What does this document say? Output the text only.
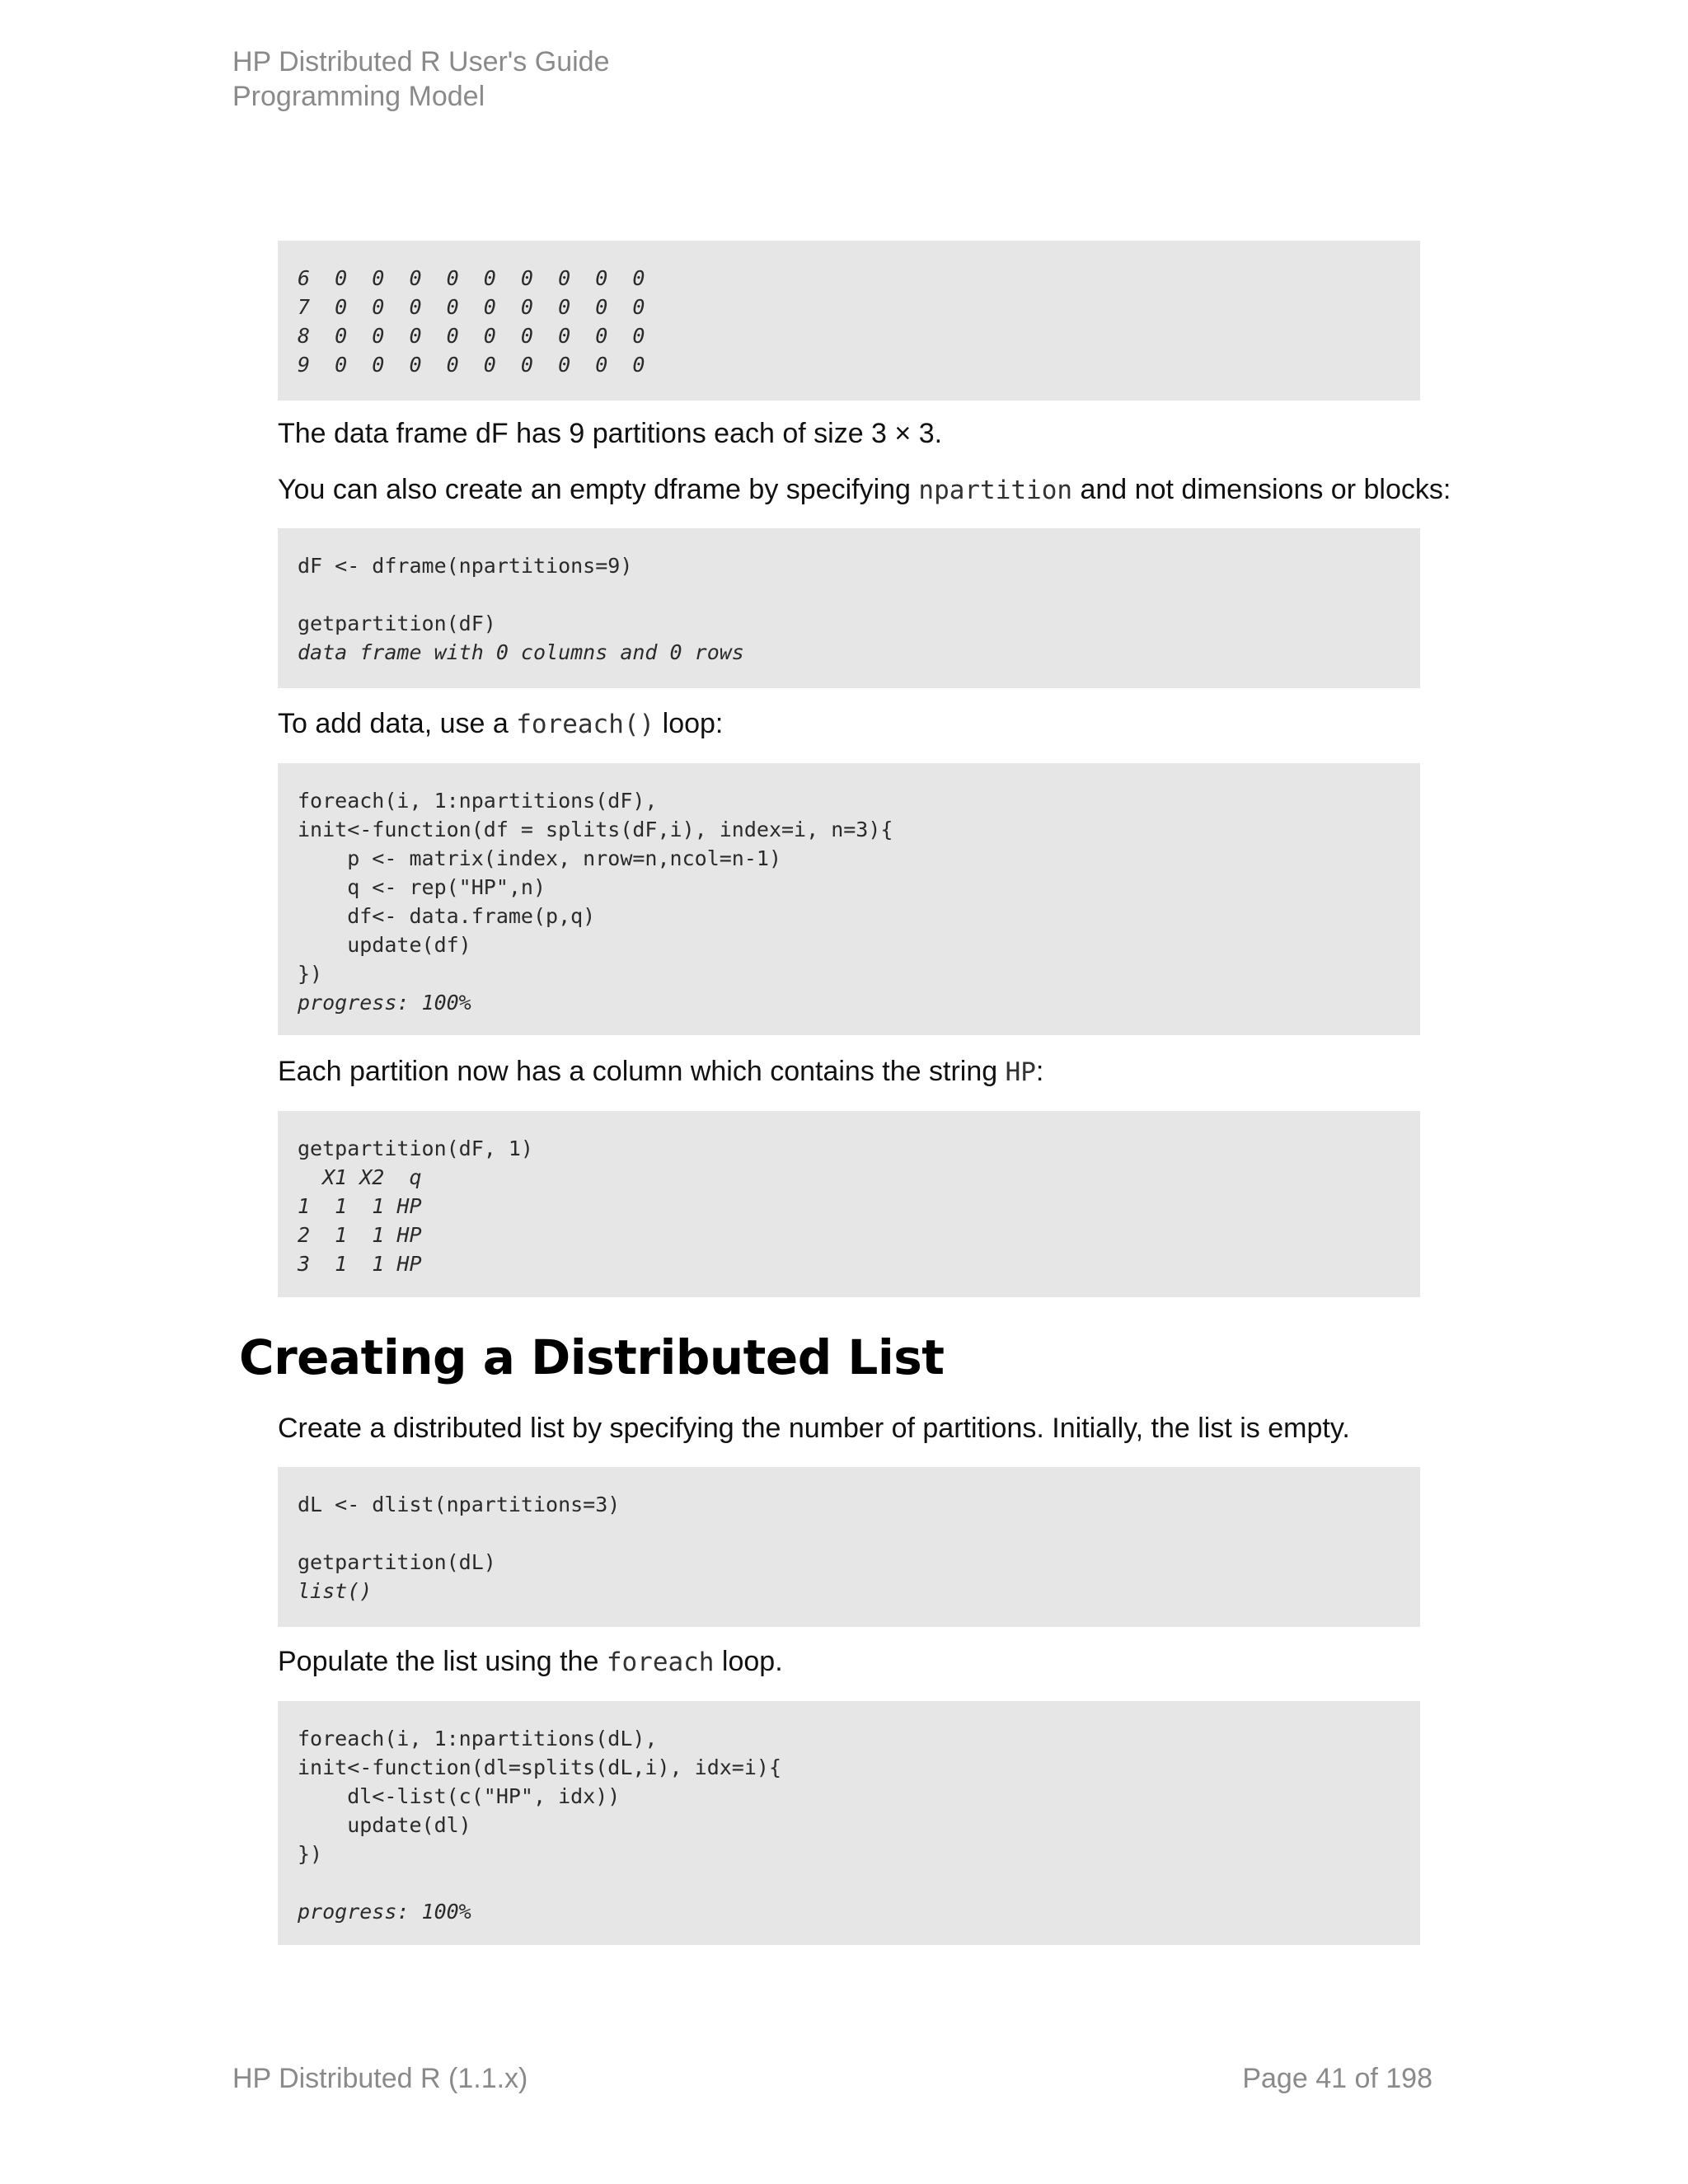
HP Distributed R User's Guide
Programming Model
6  0  0  0  0  0  0  0  0  0
7  0  0  0  0  0  0  0  0  0
8  0  0  0  0  0  0  0  0  0
9  0  0  0  0  0  0  0  0  0
The data frame dF has 9 partitions each of size 3 × 3.
You can also create an empty dframe by specifying npartition and not dimensions or blocks:
dF <- dframe(npartitions=9)
getpartition(dF)
data frame with 0 columns and 0 rows
To add data, use a foreach() loop:
foreach(i, 1:npartitions(dF),
init<-function(df = splits(dF,i), index=i, n=3){
p <- matrix(index, nrow=n,ncol=n-1)
q <- rep("HP",n)
df<- data.frame(p,q)
update(df)
})
progress: 100%
Each partition now has a column which contains the string HP:
getpartition(dF, 1)
X1 X2  q
1  1  1 HP
2  1  1 HP
3  1  1 HP
Creating a Distributed List
Create a distributed list by specifying the number of partitions. Initially, the list is empty.
dL <- dlist(npartitions=3)
getpartition(dL)
list()
Populate the list using the foreach loop.
foreach(i, 1:npartitions(dL),
init<-function(dl=splits(dL,i), idx=i){
dl<-list(c("HP", idx))
update(dl)
})
progress: 100%
HP Distributed R (1.1.x)	Page 41 of 198
